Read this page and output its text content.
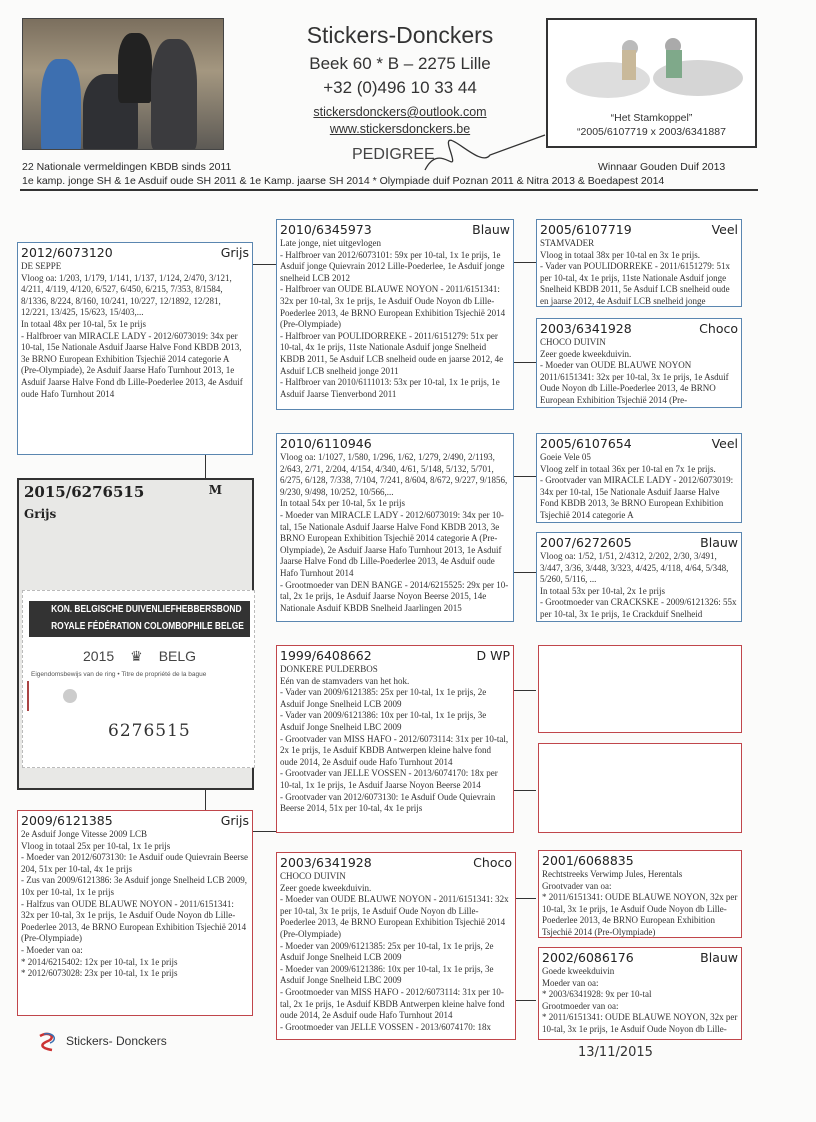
Stickers-Donckers
Beek 60 * B – 2275 Lille
+32 (0)496 10 33 44
stickersdonckers@outlook.com
www.stickersdonckers.be
“Het Stamkoppel”
“2005/6107719 x 2003/6341887
PEDIGREE
22 Nationale vermeldingen KBDB sinds 2011	Winnaar Gouden Duif 2013
1e kamp. jonge SH & 1e Asduif oude SH 2011 & 1e Kamp. jaarse SH 2014 * Olympiade duif Poznan 2011 & Nitra 2013 & Boedapest 2014
2012/6073120	Grijs
DE SEPPE
Vloog oa: 1/203, 1/179, 1/141, 1/137, 1/124, 2/470, 3/121, 4/211, 4/119, 4/120, 6/527, 6/450, 6/215, 7/353, 8/1584, 8/1336, 8/224, 8/160, 10/241, 10/227, 12/1892, 12/281, 12/221, 13/425, 15/623, 15/403,...
In totaal 48x per 10-tal, 5x 1e prijs
- Halfbroer van MIRACLE LADY - 2012/6073019: 34x per 10-tal, 15e Nationale Asduif Jaarse Halve Fond KBDB 2013, 3e BRNO European Exhibition Tsjechië 2014 categorie A (Pre-Olympiade), 2e Asduif Jaarse Hafo Turnhout 2013, 1e Asduif Jaarse Halve Fond db Lille-Poederlee 2013, 4e Asduif oude Hafo Turnhout 2014
2015/6276515	M
Grijs
KON. BELGISCHE DUIVENLIEFHEBBERSBOND
ROYALE FÉDÉRATION COLOMBOPHILE BELGE
2015 ♛ BELG
Eigendomsbewijs van de ring • Titre de propriété de la bague
6276515
2009/6121385	Grijs
2e Asduif Jonge Vitesse 2009 LCB
Vloog in totaal 25x per 10-tal, 1x 1e prijs
- Moeder van 2012/6073130: 1e Asduif oude Quievrain Beerse 204, 51x per 10-tal, 4x 1e prijs
- Zus van 2009/6121386: 3e Asduif jonge Snelheid LCB 2009, 10x per 10-tal, 1x 1e prijs
- Halfzus van OUDE BLAUWE NOYON - 2011/6151341: 32x per 10-tal, 3x 1e prijs, 1e Asduif Oude Noyon db Lille-Poederlee 2013, 4e BRNO European Exhibition Tsjechië 2014 (Pre-Olympiade)
- Moeder van oa:
* 2014/6215402: 12x per 10-tal, 1x 1e prijs
* 2012/6073028: 23x per 10-tal, 1x 1e prijs
2010/6345973	Blauw
Late jonge, niet uitgevlogen
- Halfbroer van 2012/6073101: 59x per 10-tal, 1x 1e prijs, 1e Asduif jonge Quievrain 2012 Lille-Poederlee, 1e Asduif jonge snelheid LCB 2012
- Halfbroer van OUDE BLAUWE NOYON - 2011/6151341: 32x per 10-tal, 3x 1e prijs, 1e Asduif Oude Noyon db Lille-Poederlee 2013, 4e BRNO European Exhibition Tsjechië 2014 (Pre-Olympiade)
- Halfbroer van POULIDORREKE - 2011/6151279: 51x per 10-tal, 4x 1e prijs, 11ste Nationale Asduif jonge Snelheid KBDB 2011, 5e Asduif LCB snelheid oude en jaarse 2012, 4e Asduif LCB snelheid jonge 2011
- Halfbroer van 2010/6111013: 53x per 10-tal, 1x 1e prijs, 1e Asduif Jaarse Tienverbond 2011
2010/6110946
Vloog oa: 1/1027, 1/580, 1/296, 1/62, 1/279, 2/490, 2/1193, 2/643, 2/71, 2/204, 4/154, 4/340, 4/61, 5/148, 5/132, 5/701, 6/275, 6/128, 7/338, 7/104, 7/241, 8/604, 8/672, 9/227, 9/1856, 9/230, 9/498, 10/252, 10/566,...
In totaal 54x per 10-tal, 5x 1e prijs
- Moeder van MIRACLE LADY - 2012/6073019: 34x per 10-tal, 15e Nationale Asduif Jaarse Halve Fond KBDB 2013, 3e BRNO European Exhibition Tsjechië 2014 categorie A (Pre-Olympiade), 2e Asduif Jaarse Hafo Turnhout 2013, 1e Asduif Jaarse Halve Fond db Lille-Poederlee 2013, 4e Asduif oude Hafo Turnhout 2014
- Grootmoeder van DEN BANGE - 2014/6215525: 29x per 10-tal, 2x 1e prijs, 1e Asduif Jaarse Noyon Beerse 2015, 14e Nationale Asduif KBDB Snelheid Jaarlingen 2015
1999/6408662	D WP
DONKERE PULDERBOS
Eén van de stamvaders van het hok.
- Vader van 2009/6121385: 25x per 10-tal, 1x 1e prijs, 2e Asduif Jonge Snelheid LCB 2009
- Vader van 2009/6121386: 10x per 10-tal, 1x 1e prijs, 3e Asduif Jonge Snelheid LBC 2009
- Grootvader van MISS HAFO - 2012/6073114: 31x per 10-tal, 2x 1e prijs, 1e Asduif KBDB Antwerpen kleine halve fond oude 2014, 2e Asduif oude Hafo Turnhout 2014
- Grootvader van JELLE VOSSEN - 2013/6074170: 18x per 10-tal, 1x 1e prijs, 1e Asduif Jaarse Noyon Beerse 2014
- Grootvader van 2012/6073130: 1e Asduif Oude Quievrain Beerse 2014, 51x per 10-tal, 4x 1e prijs
2003/6341928	Choco
CHOCO DUIVIN
Zeer goede kweekduivin.
- Moeder van OUDE BLAUWE NOYON - 2011/6151341: 32x per 10-tal, 3x 1e prijs, 1e Asduif Oude Noyon db Lille-Poederlee 2013, 4e BRNO European Exhibition Tsjechië 2014 (Pre-Olympiade)
- Moeder van 2009/6121385: 25x per 10-tal, 1x 1e prijs, 2e Asduif Jonge Snelheid LCB 2009
- Moeder van 2009/6121386: 10x per 10-tal, 1x 1e prijs, 3e Asduif Jonge Snelheid LBC 2009
- Grootmoeder van MISS HAFO - 2012/6073114: 31x per 10-tal, 2x 1e prijs, 1e Asduif KBDB Antwerpen kleine halve fond oude 2014, 2e Asduif oude Hafo Turnhout 2014
- Grootmoeder van JELLE VOSSEN - 2013/6074170: 18x
2005/6107719	Veel
STAMVADER
Vloog in totaal 38x per 10-tal en 3x 1e prijs.
- Vader van POULIDORREKE - 2011/6151279: 51x per 10-tal, 4x 1e prijs, 11ste Nationale Asduif jonge Snelheid KBDB 2011, 5e Asduif LCB snelheid oude en jaarse 2012, 4e Asduif LCB snelheid jonge
2003/6341928	Choco
CHOCO DUIVIN
Zeer goede kweekduivin.
- Moeder van OUDE BLAUWE NOYON 2011/6151341: 32x per 10-tal, 3x 1e prijs, 1e Asduif Oude Noyon db Lille-Poederlee 2013, 4e BRNO European Exhibition Tsjechië 2014 (Pre-
2005/6107654	Veel
Goeie Vele 05
Vloog zelf in totaal 36x per 10-tal en 7x 1e prijs.
- Grootvader van MIRACLE LADY - 2012/6073019: 34x per 10-tal, 15e Nationale Asduif Jaarse Halve Fond KBDB 2013, 3e BRNO European Exhibition Tsjechië 2014 categorie A
2007/6272605	Blauw
Vloog oa: 1/52, 1/51, 2/4312, 2/202, 2/30, 3/491, 3/447, 3/36, 3/448, 3/323, 4/425, 4/118, 4/64, 5/348, 5/260, 5/116, ...
In totaal 53x per 10-tal, 2x 1e prijs
- Grootmoeder van CRACKSKE - 2009/6121326: 55x per 10-tal, 3x 1e prijs, 1e Crackduif Snelheid
2001/6068835
Rechtstreeks Verwimp Jules, Herentals
Grootvader van oa:
* 2011/6151341: OUDE BLAUWE NOYON, 32x per 10-tal, 3x 1e prijs, 1e Asduif Oude Noyon db Lille-Poederlee 2013, 4e BRNO European Exhibition Tsjechië 2014 (Pre-Olympiade)
2002/6086176	Blauw
Goede kweekduivin
Moeder van oa:
* 2003/6341928: 9x per 10-tal
Grootmoeder van oa:
* 2011/6151341: OUDE BLAUWE NOYON, 32x per 10-tal, 3x 1e prijs, 1e Asduif Oude Noyon db Lille-
Stickers- Donckers
13/11/2015
